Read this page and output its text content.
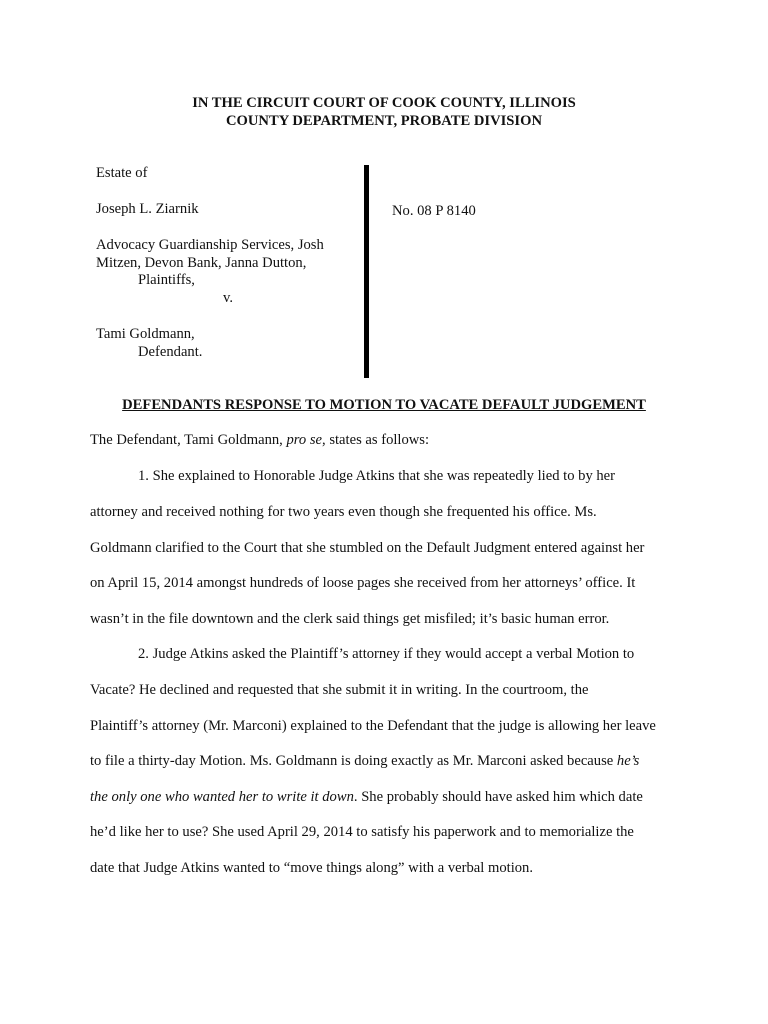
IN THE CIRCUIT COURT OF COOK COUNTY, ILLINOIS
COUNTY DEPARTMENT, PROBATE DIVISION
Estate of
Joseph L. Ziarnik
Advocacy Guardianship Services, Josh
Mitzen, Devon Bank, Janna Dutton,
Plaintiffs,
v.
Tami Goldmann,
Defendant.
No. 08 P 8140
DEFENDANTS RESPONSE TO MOTION TO VACATE DEFAULT JUDGEMENT
The Defendant, Tami Goldmann, pro se, states as follows:
1. She explained to Honorable Judge Atkins that she was repeatedly lied to by her
attorney and received nothing for two years even though she frequented his office. Ms.
Goldmann clarified to the Court that she stumbled on the Default Judgment entered against her
on April 15, 2014 amongst hundreds of loose pages she received from her attorneys’ office. It
wasn’t in the file downtown and the clerk said things get misfiled; it’s basic human error.
2. Judge Atkins asked the Plaintiff’s attorney if they would accept a verbal Motion to
Vacate? He declined and requested that she submit it in writing. In the courtroom, the
Plaintiff’s attorney (Mr. Marconi) explained to the Defendant that the judge is allowing her leave
to file a thirty-day Motion. Ms. Goldmann is doing exactly as Mr. Marconi asked because he’s
the only one who wanted her to write it down. She probably should have asked him which date
he’d like her to use? She used April 29, 2014 to satisfy his paperwork and to memorialize the
date that Judge Atkins wanted to “move things along” with a verbal motion.
